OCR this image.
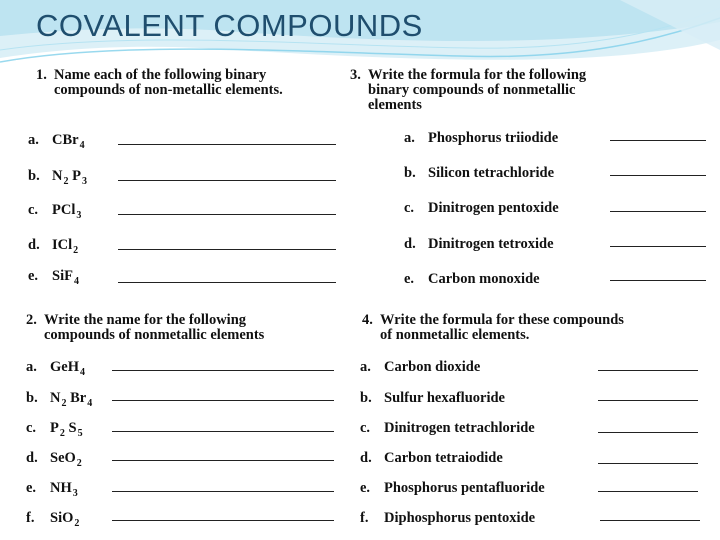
COVALENT COMPOUNDS
1. Name each of the following binary
compounds of non-metallic elements.
a. CBr$_4$
b. $N_2$ $P_3$
c. PCl$_3$
d. ICl$_2$
e. SiF$_4$
3. Write the formula for the following
binary compounds of nonmetallic
elements
a. Phosphorus triiodide
b. Silicon tetrachloride
c. Dinitrogen pentoxide
d. Dinitrogen tetroxide
e. Carbon monoxide
2. Write the name for the following
compounds of nonmetallic elements
a. GeH$_4$
b. $N_2$ $Br_4$
c. $P_2$ $S_5$
d. SeO$_2$
e. $NH_3$
f. SiO$_2$
4. Write the formula for these compounds
of nonmetallic elements.
a. Carbon dioxide
b. Sulfur hexafluoride
c. Dinitrogen tetrachloride
d. Carbon tetraiodide
e. Phosphorus pentafluoride
f. Diphosphorus pentoxide
